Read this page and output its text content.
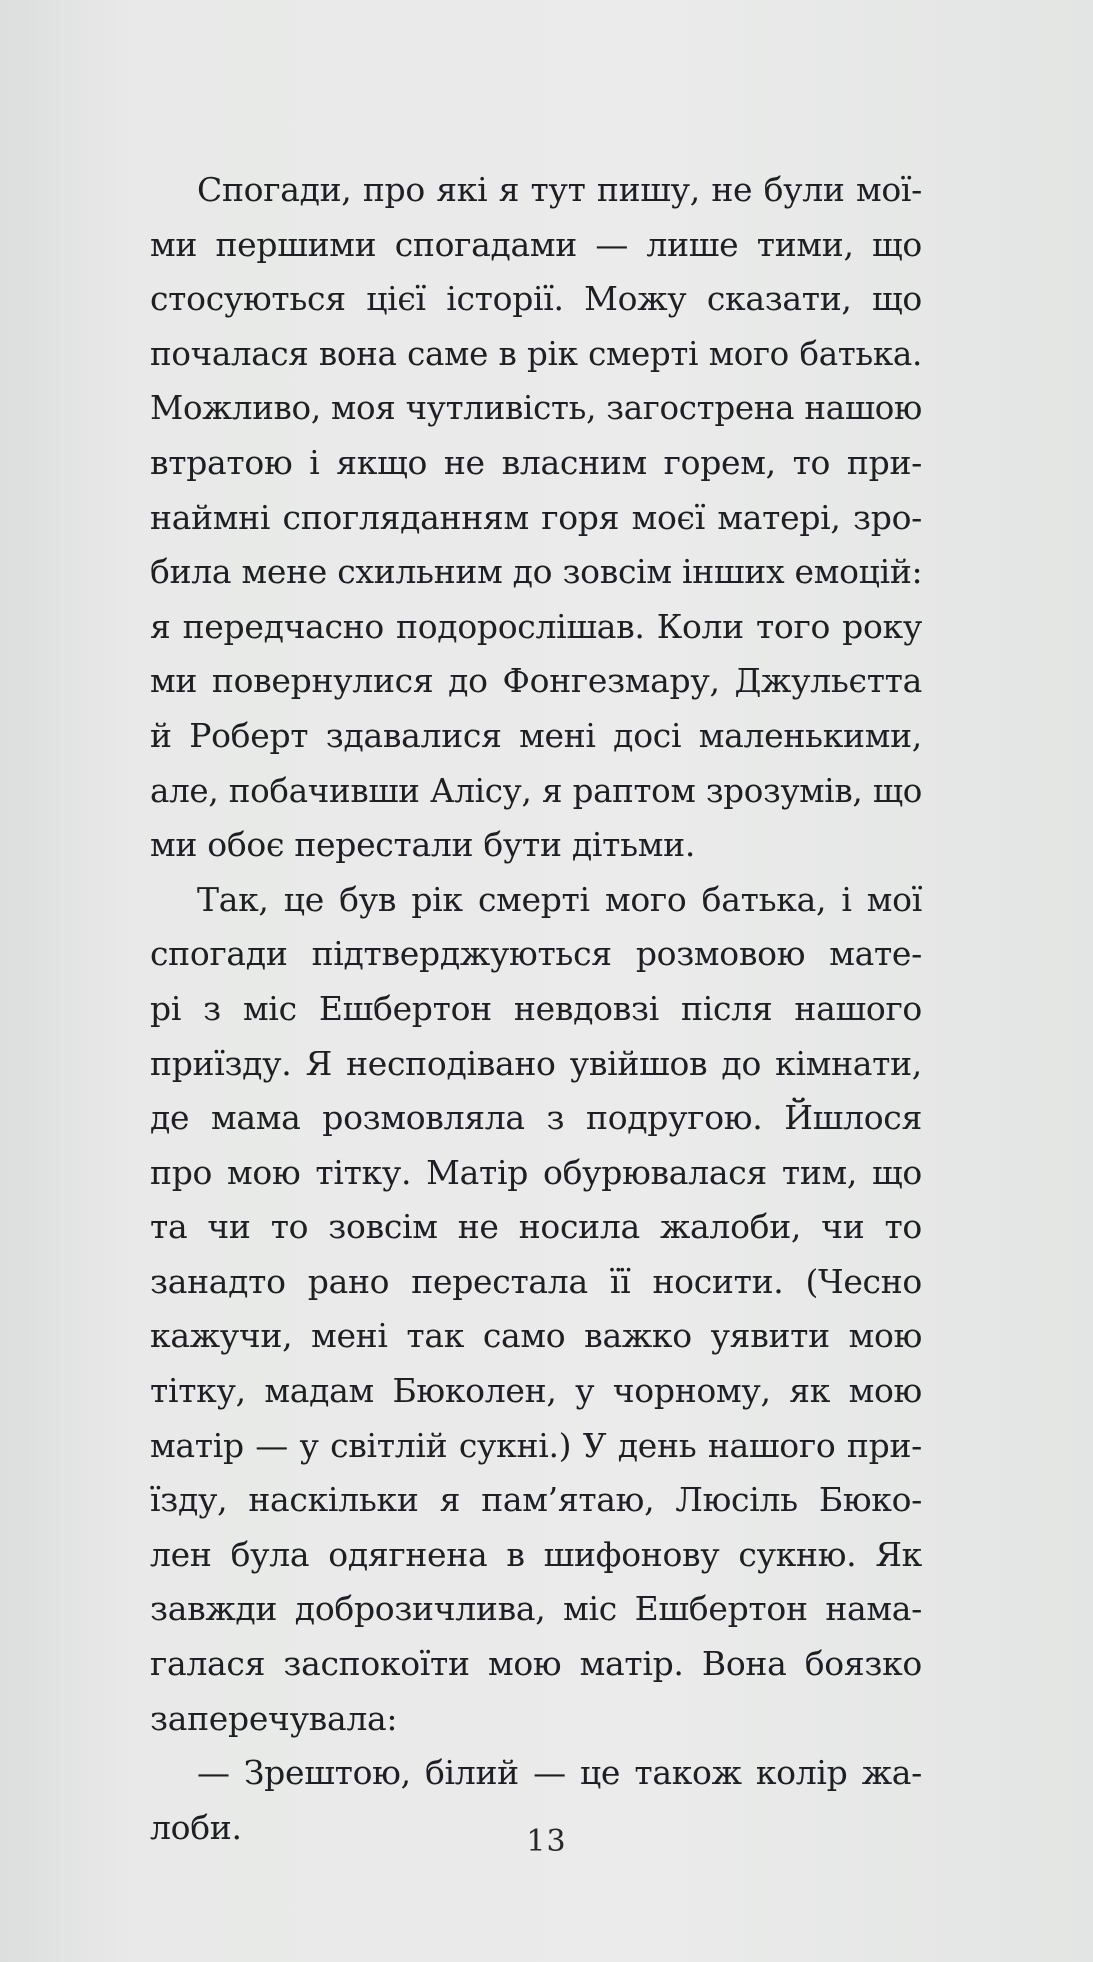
Спогади, про які я тут пишу, не були мої-
ми першими спогадами — лише тими, що
стосуються цієї історії. Можу сказати, що
почалася вона саме в рік смерті мого батька.
Можливо, моя чутливість, загострена нашою
втратою і якщо не власним горем, то при-
наймні спогляданням горя моєї матері, зро-
била мене схильним до зовсім інших емоцій:
я передчасно подорослішав. Коли того року
ми повернулися до Фонгезмару, Джульєтта
й Роберт здавалися мені досі маленькими,
але, побачивши Алісу, я раптом зрозумів, що
ми обоє перестали бути дітьми.
Так, це був рік смерті мого батька, і мої
спогади підтверджуються розмовою мате-
рі з міс Ешбертон невдовзі після нашого
приїзду. Я несподівано увійшов до кімнати,
де мама розмовляла з подругою. Йшлося
про мою тітку. Матір обурювалася тим, що
та чи то зовсім не носила жалоби, чи то
занадто рано перестала її носити. (Чесно
кажучи, мені так само важко уявити мою
тітку, мадам Бюколен, у чорному, як мою
матір — у світлій сукні.) У день нашого при-
їзду, наскільки я пам’ятаю, Люсіль Бюко-
лен була одягнена в шифонову сукню. Як
завжди доброзичлива, міс Ешбертон нама-
галася заспокоїти мою матір. Вона боязко
заперечувала:
— Зрештою, білий — це також колір жа-
лоби.	13
